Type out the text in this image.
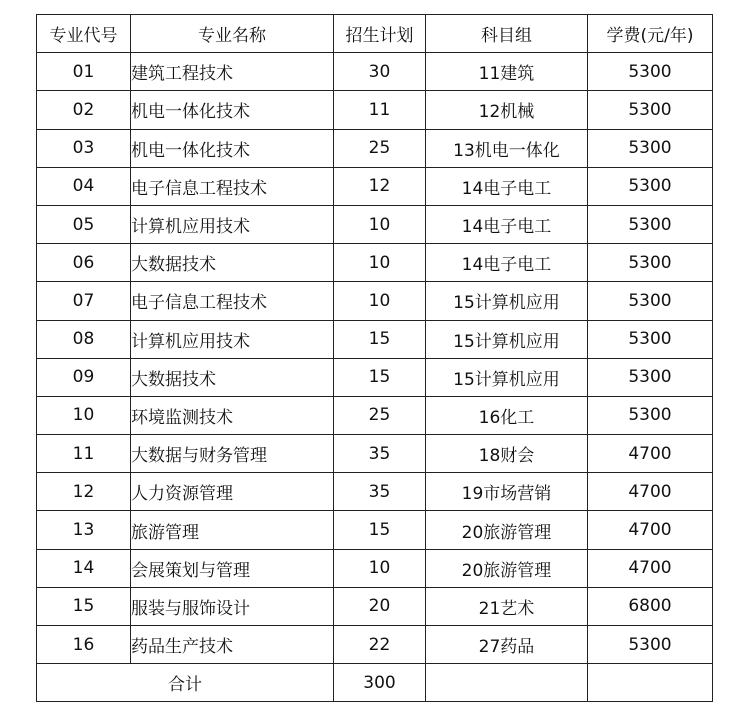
专业代号	专业名称	招生计划	科目组	学费(元/年)
01	建筑工程技术	30	11建筑	5300
02	机电一体化技术	11	12机械	5300
03	机电一体化技术	25	13机电一体化	5300
04	电子信息工程技术	12	14电子电工	5300
05	计算机应用技术	10	14电子电工	5300
06	大数据技术	10	14电子电工	5300
07	电子信息工程技术	10	15计算机应用	5300
08	计算机应用技术	15	15计算机应用	5300
09	大数据技术	15	15计算机应用	5300
10	环境监测技术	25	16化工	5300
11	大数据与财务管理	35	18财会	4700
12	人力资源管理	35	19市场营销	4700
13	旅游管理	15	20旅游管理	4700
14	会展策划与管理	10	20旅游管理	4700
15	服装与服饰设计	20	21艺术	6800
16	药品生产技术	22	27药品	5300
合计		300		
